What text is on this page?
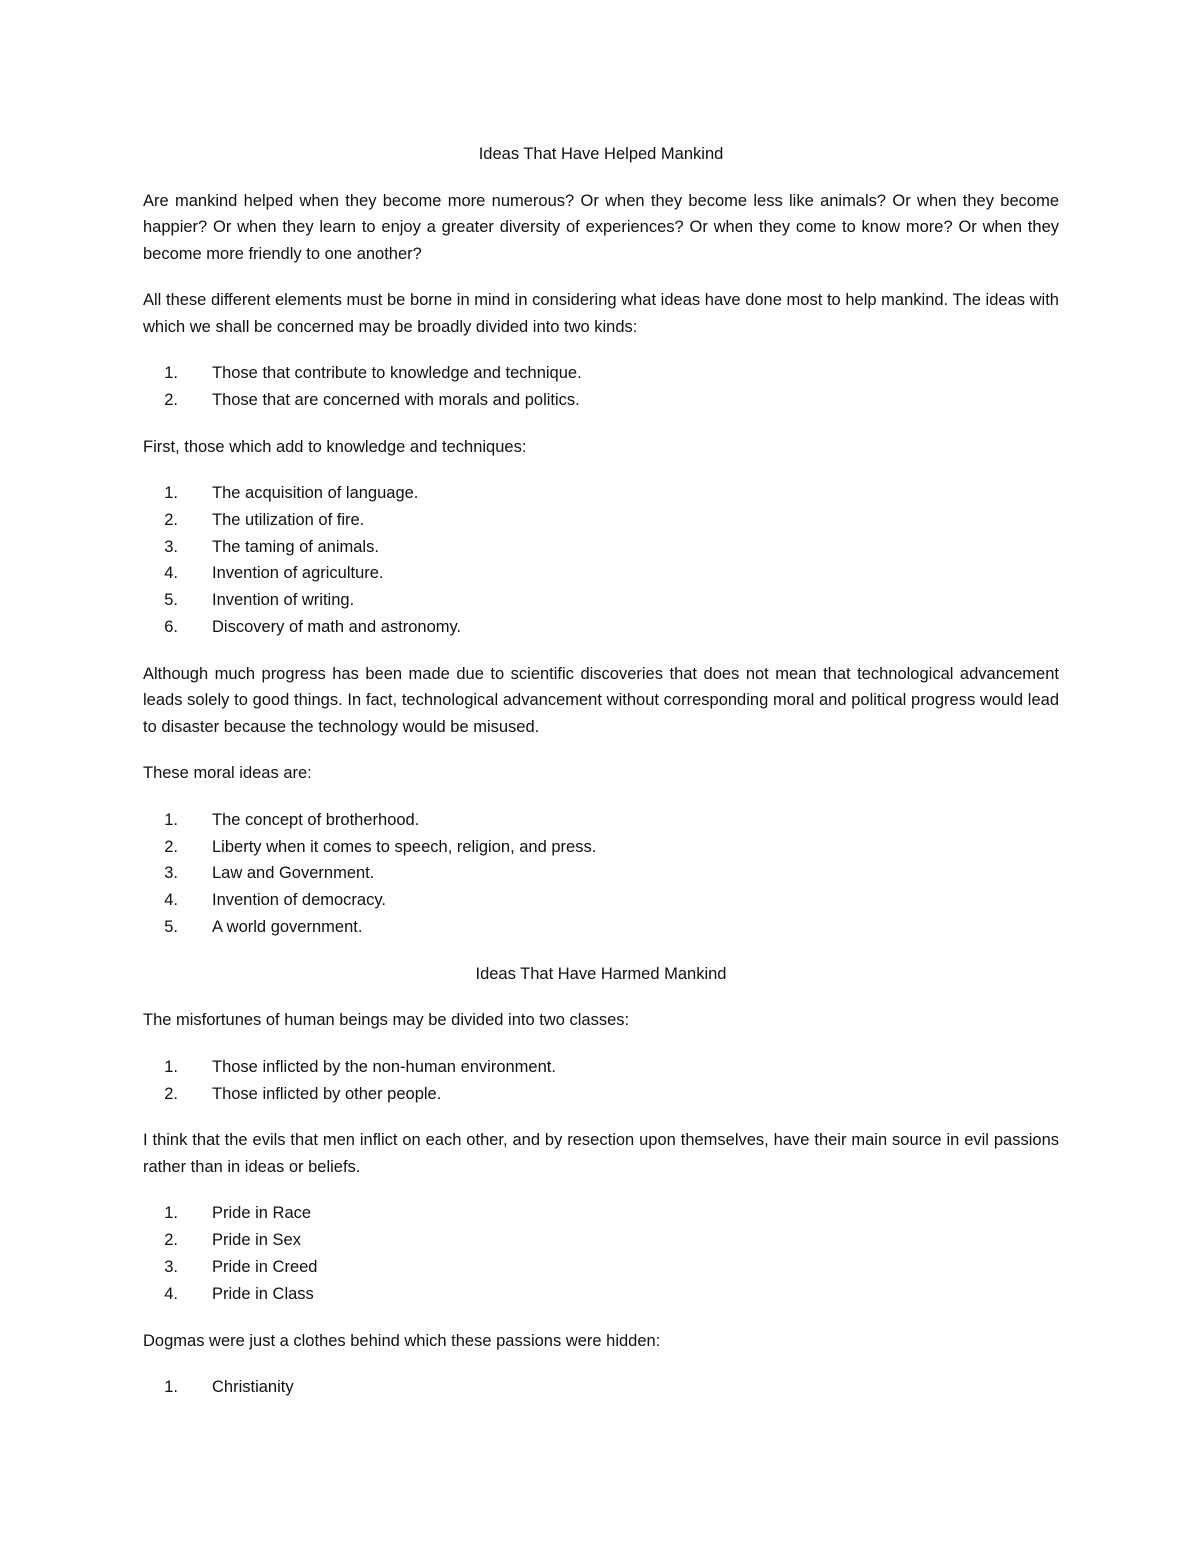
Ideas That Have Helped Mankind

Are mankind helped when they become more numerous? Or when they become less like animals? Or when they become happier? Or when they learn to enjoy a greater diversity of experiences? Or when they come to know more? Or when they become more friendly to one another?

All these different elements must be borne in mind in considering what ideas have done most to help mankind. The ideas with which we shall be concerned may be broadly divided into two kinds:

1.	Those that contribute to knowledge and technique.
2.	Those that are concerned with morals and politics.

First, those which add to knowledge and techniques:

1.	The acquisition of language.
2.	The utilization of fire.
3.	The taming of animals.
4.	Invention of agriculture.
5.	Invention of writing.
6.	Discovery of math and astronomy.

Although much progress has been made due to scientific discoveries that does not mean that technological advancement leads solely to good things. In fact, technological advancement without corresponding moral and political progress would lead to disaster because the technology would be misused.

These moral ideas are:

1.	The concept of brotherhood.
2.	Liberty when it comes to speech, religion, and press.
3.	Law and Government.
4.	Invention of democracy.
5.	A world government.
Ideas That Have Harmed Mankind

The misfortunes of human beings may be divided into two classes:

1.	Those inflicted by the non-human environment.
2.	Those inflicted by other people.

I think that the evils that men inflict on each other, and by resection upon themselves, have their main source in evil passions rather than in ideas or beliefs.

1.	Pride in Race
2.	Pride in Sex
3.	Pride in Creed
4.	Pride in Class

Dogmas were just a clothes behind which these passions were hidden:

1.	Christianity
